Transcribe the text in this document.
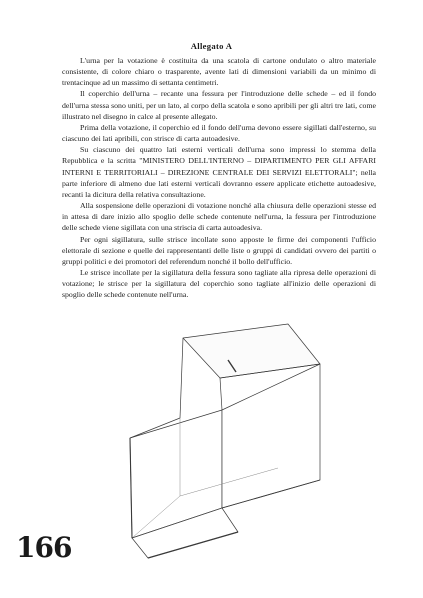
Allegato A

L'urna per la votazione è costituita da una scatola di cartone ondulato o altro materiale consistente, di colore chiaro o trasparente, avente lati di dimensioni variabili da un minimo di trentacinque ad un massimo di settanta centimetri.

Il coperchio dell'urna – recante una fessura per l'introduzione delle schede – ed il fondo dell'urna stessa sono uniti, per un lato, al corpo della scatola e sono apribili per gli altri tre lati, come illustrato nel disegno in calce al presente allegato.

Prima della votazione, il coperchio ed il fondo dell'urna devono essere sigillati dall'esterno, su ciascuno dei lati apribili, con strisce di carta autoadesive.

Su ciascuno dei quattro lati esterni verticali dell'urna sono impressi lo stemma della Repubblica e la scritta "MINISTERO DELL'INTERNO – DIPARTIMENTO PER GLI AFFARI INTERNI E TERRITORIALI – DIREZIONE CENTRALE DEI SERVIZI ELETTORALI"; nella parte inferiore di almeno due lati esterni verticali dovranno essere applicate etichette autoadesive, recanti la dicitura della relativa consultazione.

Alla sospensione delle operazioni di votazione nonché alla chiusura delle operazioni stesse ed in attesa di dare inizio allo spoglio delle schede contenute nell'urna, la fessura per l'introduzione delle schede viene sigillata con una striscia di carta autoadesiva.

Per ogni sigillatura, sulle strisce incollate sono apposte le firme dei componenti l'ufficio elettorale di sezione e quelle dei rappresentanti delle liste o gruppi di candidati ovvero dei partiti o gruppi politici e dei promotori del referendum nonché il bollo dell'ufficio.

Le strisce incollate per la sigillatura della fessura sono tagliate alla ripresa delle operazioni di votazione; le strisce per la sigillatura del coperchio sono tagliate all'inizio delle operazioni di spoglio delle schede contenute nell'urna.

166
